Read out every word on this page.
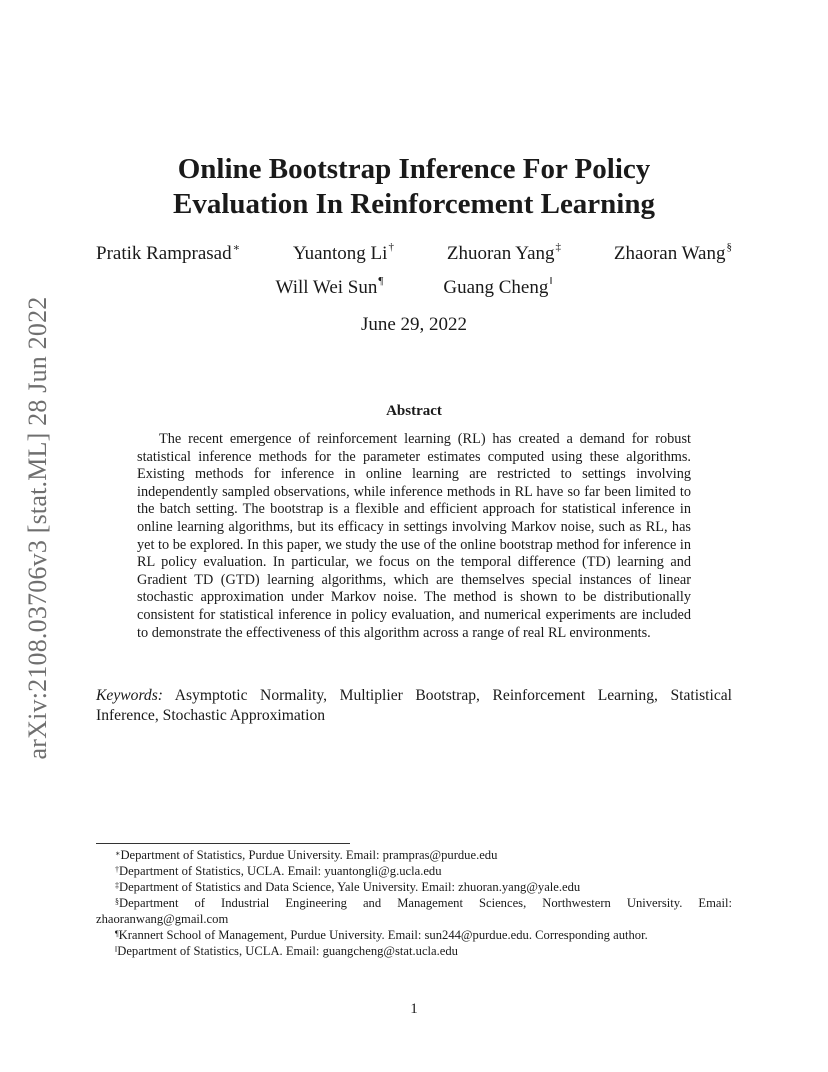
arXiv:2108.03706v3 [stat.ML] 28 Jun 2022
Online Bootstrap Inference For Policy
Evaluation In Reinforcement Learning
Pratik Ramprasad∗	Yuantong Li†	Zhuoran Yang‡	Zhaoran Wang§
Will Wei Sun¶	Guang Cheng‖
June 29, 2022
Abstract

The recent emergence of reinforcement learning (RL) has created a demand for robust statistical inference methods for the parameter estimates computed using these algorithms. Existing methods for inference in online learning are restricted to settings involving independently sampled observations, while inference methods in RL have so far been limited to the batch setting. The bootstrap is a flexible and efficient approach for statistical inference in online learning algorithms, but its efficacy in settings involving Markov noise, such as RL, has yet to be explored. In this paper, we study the use of the online bootstrap method for inference in RL policy evaluation. In particular, we focus on the temporal difference (TD) learning and Gradient TD (GTD) learning algorithms, which are themselves special instances of linear stochastic approximation under Markov noise. The method is shown to be distributionally consistent for statistical inference in policy evaluation, and numerical experiments are included to demonstrate the effectiveness of this algorithm across a range of real RL environments.

Keywords: Asymptotic Normality, Multiplier Bootstrap, Reinforcement Learning, Statistical Inference, Stochastic Approximation

∗Department of Statistics, Purdue University. Email: prampras@purdue.edu
†Department of Statistics, UCLA. Email: yuantongli@g.ucla.edu
‡Department of Statistics and Data Science, Yale University. Email: zhuoran.yang@yale.edu
§Department of Industrial Engineering and Management Sciences, Northwestern University. Email: zhaoranwang@gmail.com
¶Krannert School of Management, Purdue University. Email: sun244@purdue.edu. Corresponding author.
‖Department of Statistics, UCLA. Email: guangcheng@stat.ucla.edu
1
